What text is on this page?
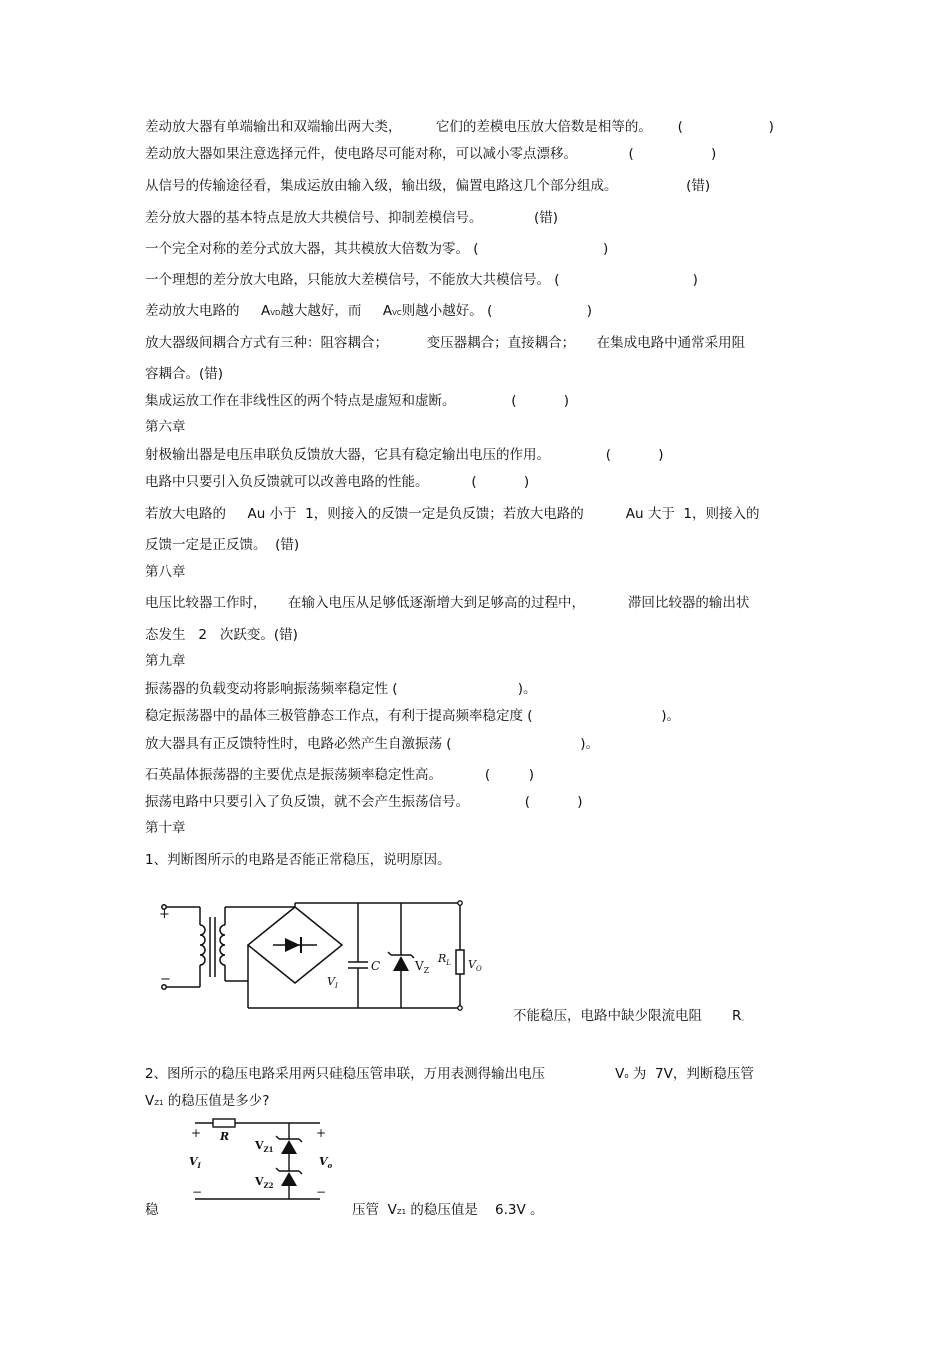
差动放大器有单端输出和双端输出两大类，        它们的差模电压放大倍数是相等的。      (                    )
差动放大器如果注意选择元件，使电路尽可能对称，可以减小零点漂移。            (                  )
从信号的传输途径看，集成运放由输入级，输出级，偏置电路这几个部分组成。                (错)
差分放大器的基本特点是放大共模信号、抑制差模信号。            (错)
一个完全对称的差分式放大器，其共模放大倍数为零。 (                             )
一个理想的差分放大电路，只能放大差模信号，不能放大共模信号。 (                               )
差动放大电路的     AVD越大越好，而     AVC则越小越好。 (                      )
放大器级间耦合方式有三种：阻容耦合；         变压器耦合；直接耦合；     在集成电路中通常采用阻
容耦合。(错)
集成运放工作在非线性区的两个特点是虚短和虚断。             (           )
第六章
射极输出器是电压串联负反馈放大器，它具有稳定输出电压的作用。             (           )
电路中只要引入负反馈就可以改善电路的性能。          (           )
若放大电路的     Au 小于  1，则接入的反馈一定是负反馈；若放大电路的	Au 大于  1，则接入的
反馈一定是正反馈。  (错)
第八章
电压比较器工作时，     在输入电压从足够低逐渐增大到足够高的过程中，          滞回比较器的输出状
态发生   2   次跃变。(错)
第九章
振荡器的负载变动将影响振荡频率稳定性 (                            )。
稳定振荡器中的晶体三极管静态工作点，有利于提高频率稳定度 (                              )。
放大器具有正反馈特性时，电路必然产生自激振荡 (                              )。
石英晶体振荡器的主要优点是振荡频率稳定性高。          (         )
振荡电路中只要引入了负反馈，就不会产生振荡信号。             (           )
第十章
1、判断图所示的电路是否能正常稳压，说明原因。
+
−
C	$V_Z$
$R_L$ $V_O$
$V_I$
不能稳压，电路中缺少限流电阻 R。
2、图所示的稳压电路采用两只硅稳压管串联，万用表测得输出电压	Vo 为  7V，判断稳压管
VZ1 的稳压值是多少?
+	+
−	−
R
$V_I$	$V_o$
$V_{Z1}$
$V_{Z2}$
稳	压管  VZ1 的稳压值是    6.3V 。
